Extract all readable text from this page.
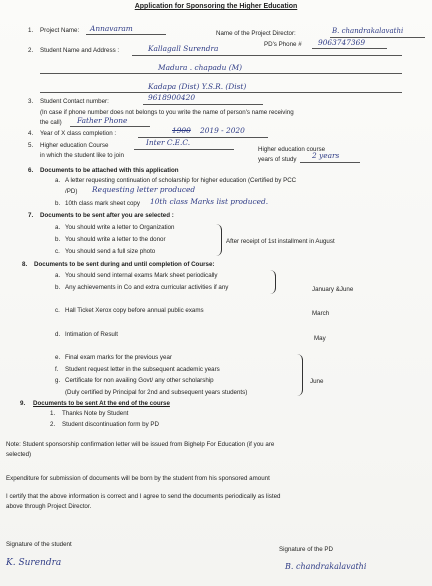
Application for Sponsoring the Higher Education
1. Project Name: Annavaram
Name of the Project Director:	B. chandrakalavathi
PD's Phone # 9063747369
2. Student Name and Address :	Kallagall Surendra
Madura . chapadu (M)
Kadapa (Dist) Y.S.R. (Dist)
3. Student Contact number:	9618900420
(In case if phone number does not belongs to you write the name of person's name receiving
the call) Father Phone
4. Year of X class completion :	1900 2019 - 2020
5. Higher education Course	Inter C.E.C.
in which the student like to join
Higher education course
years of study 2 years
6. Documents to be attached with this application
a. A letter requesting continuation of scholarship for higher education (Certified by PCC
/PD) Requesting letter produced
b. 10th class mark sheet copy 10th class Marks list produced.
7. Documents to be sent after you are selected :
a. You should write a letter to Organization
b. You should write a letter to the donor
c. You should send a full size photo
After receipt of 1st installment in August
8. Documents to be sent during and until completion of Course:
a. You should send internal exams Mark sheet periodically
b. Any achievements in Co and extra curricular activities if any	January &June
c. Hall Ticket Xerox copy before annual public exams	March
d. Intimation of Result
May
e. Final exam marks for the previous year
f. Student request letter in the subsequent academic years
g. Certificate for non availing Govt/ any other scholarship
(Duly certified by Principal for 2nd and subsequent years students)
June
9. Documents to be sent At the end of the course
1. Thanks Note by Student
2. Student discontinuation form by PD
Note: Student sponsorship confirmation letter will be issued from Bighelp For Education (if you are
selected)
Expenditure for submission of documents will be born by the student from his sponsored amount
I certify that the above information is correct and I agree to send the documents periodically as listed
above through Project Director.
Signature of the student
K. Surendra
Signature of the PD
B. chandrakalavathi
